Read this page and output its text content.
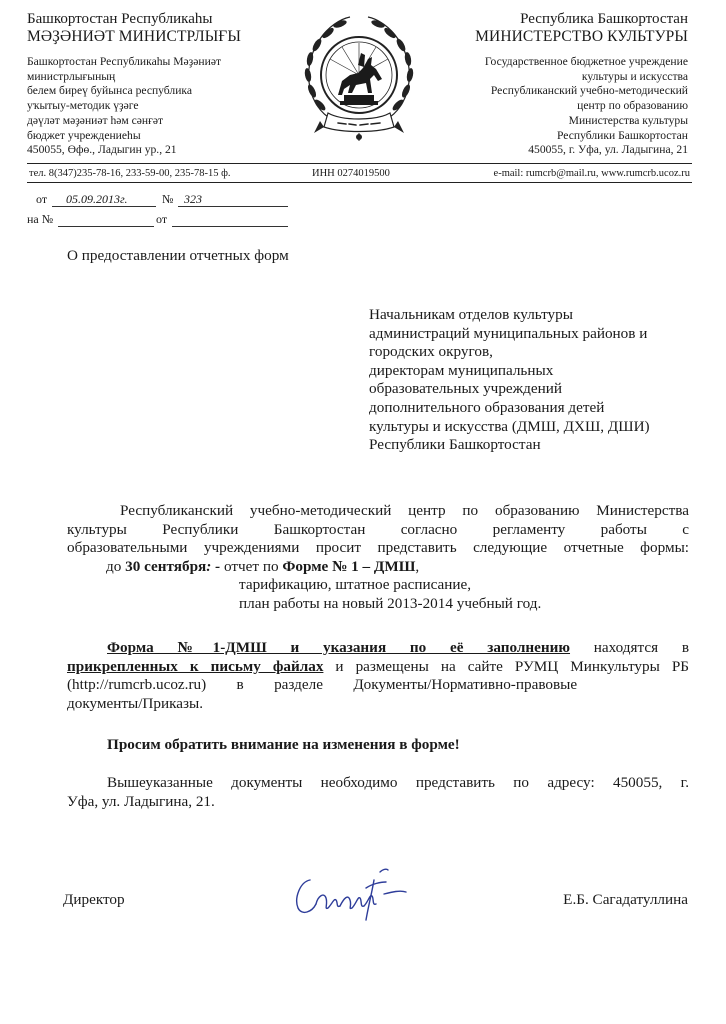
Башкортостан Республикаһы
МӘҘӘНИӘТ МИНИСТРЛЫҒЫ
Башкортостан Республикаһы Мәҙәниәт
министрлығының
белем биреү буйынса республика
уҡытыу-методик үҙәге
дәүләт мәҙәниәт һәм сәнғәт
бюджет учреждениеһы
450055, Өфө., Ладыгин ур., 21
Республика Башкортостан
МИНИСТЕРСТВО КУЛЬТУРЫ
Государственное бюджетное учреждение
культуры и искусства
Республиканский учебно-методический
центр по образованию
Министерства культуры
Республики Башкортостан
450055, г. Уфа, ул. Ладыгина, 21
тел. 8(347)235-78-16, 233-59-00, 235-78-15 ф.	ИНН 0274019500	e-mail: rumcrb@mail.ru, www.rumcrb.ucoz.ru
от 05.09.2013г.	№ 323
на №	от
О предоставлении отчетных форм
Начальникам отделов культуры
администраций муниципальных районов и
городских округов,
директорам муниципальных
образовательных учреждений
дополнительного образования детей
культуры и искусства (ДМШ, ДХШ, ДШИ)
Республики Башкортостан
Республиканский учебно-методический центр по образованию Министерства
культуры Республики Башкортостан согласно регламенту работы с
образовательными учреждениями просит представить следующие отчетные формы:
до 30 сентября: - отчет по Форме № 1 – ДМШ,
тарификацию, штатное расписание,
план работы на новый 2013-2014 учебный год.
Форма №1-ДМШ и указания по её заполнению находятся в
прикрепленных к письму файлах и размещены на сайте РУМЦ Минкультуры РБ
(http://rumcrb.ucoz.ru)        в        разделе        Документы/Нормативно-правовые
документы/Приказы.
Просим обратить внимание на изменения в форме!
Вышеуказанные документы необходимо представить по адресу: 450055, г.
Уфа, ул. Ладыгина, 21.
Директор	Е.Б. Сагадатуллина
